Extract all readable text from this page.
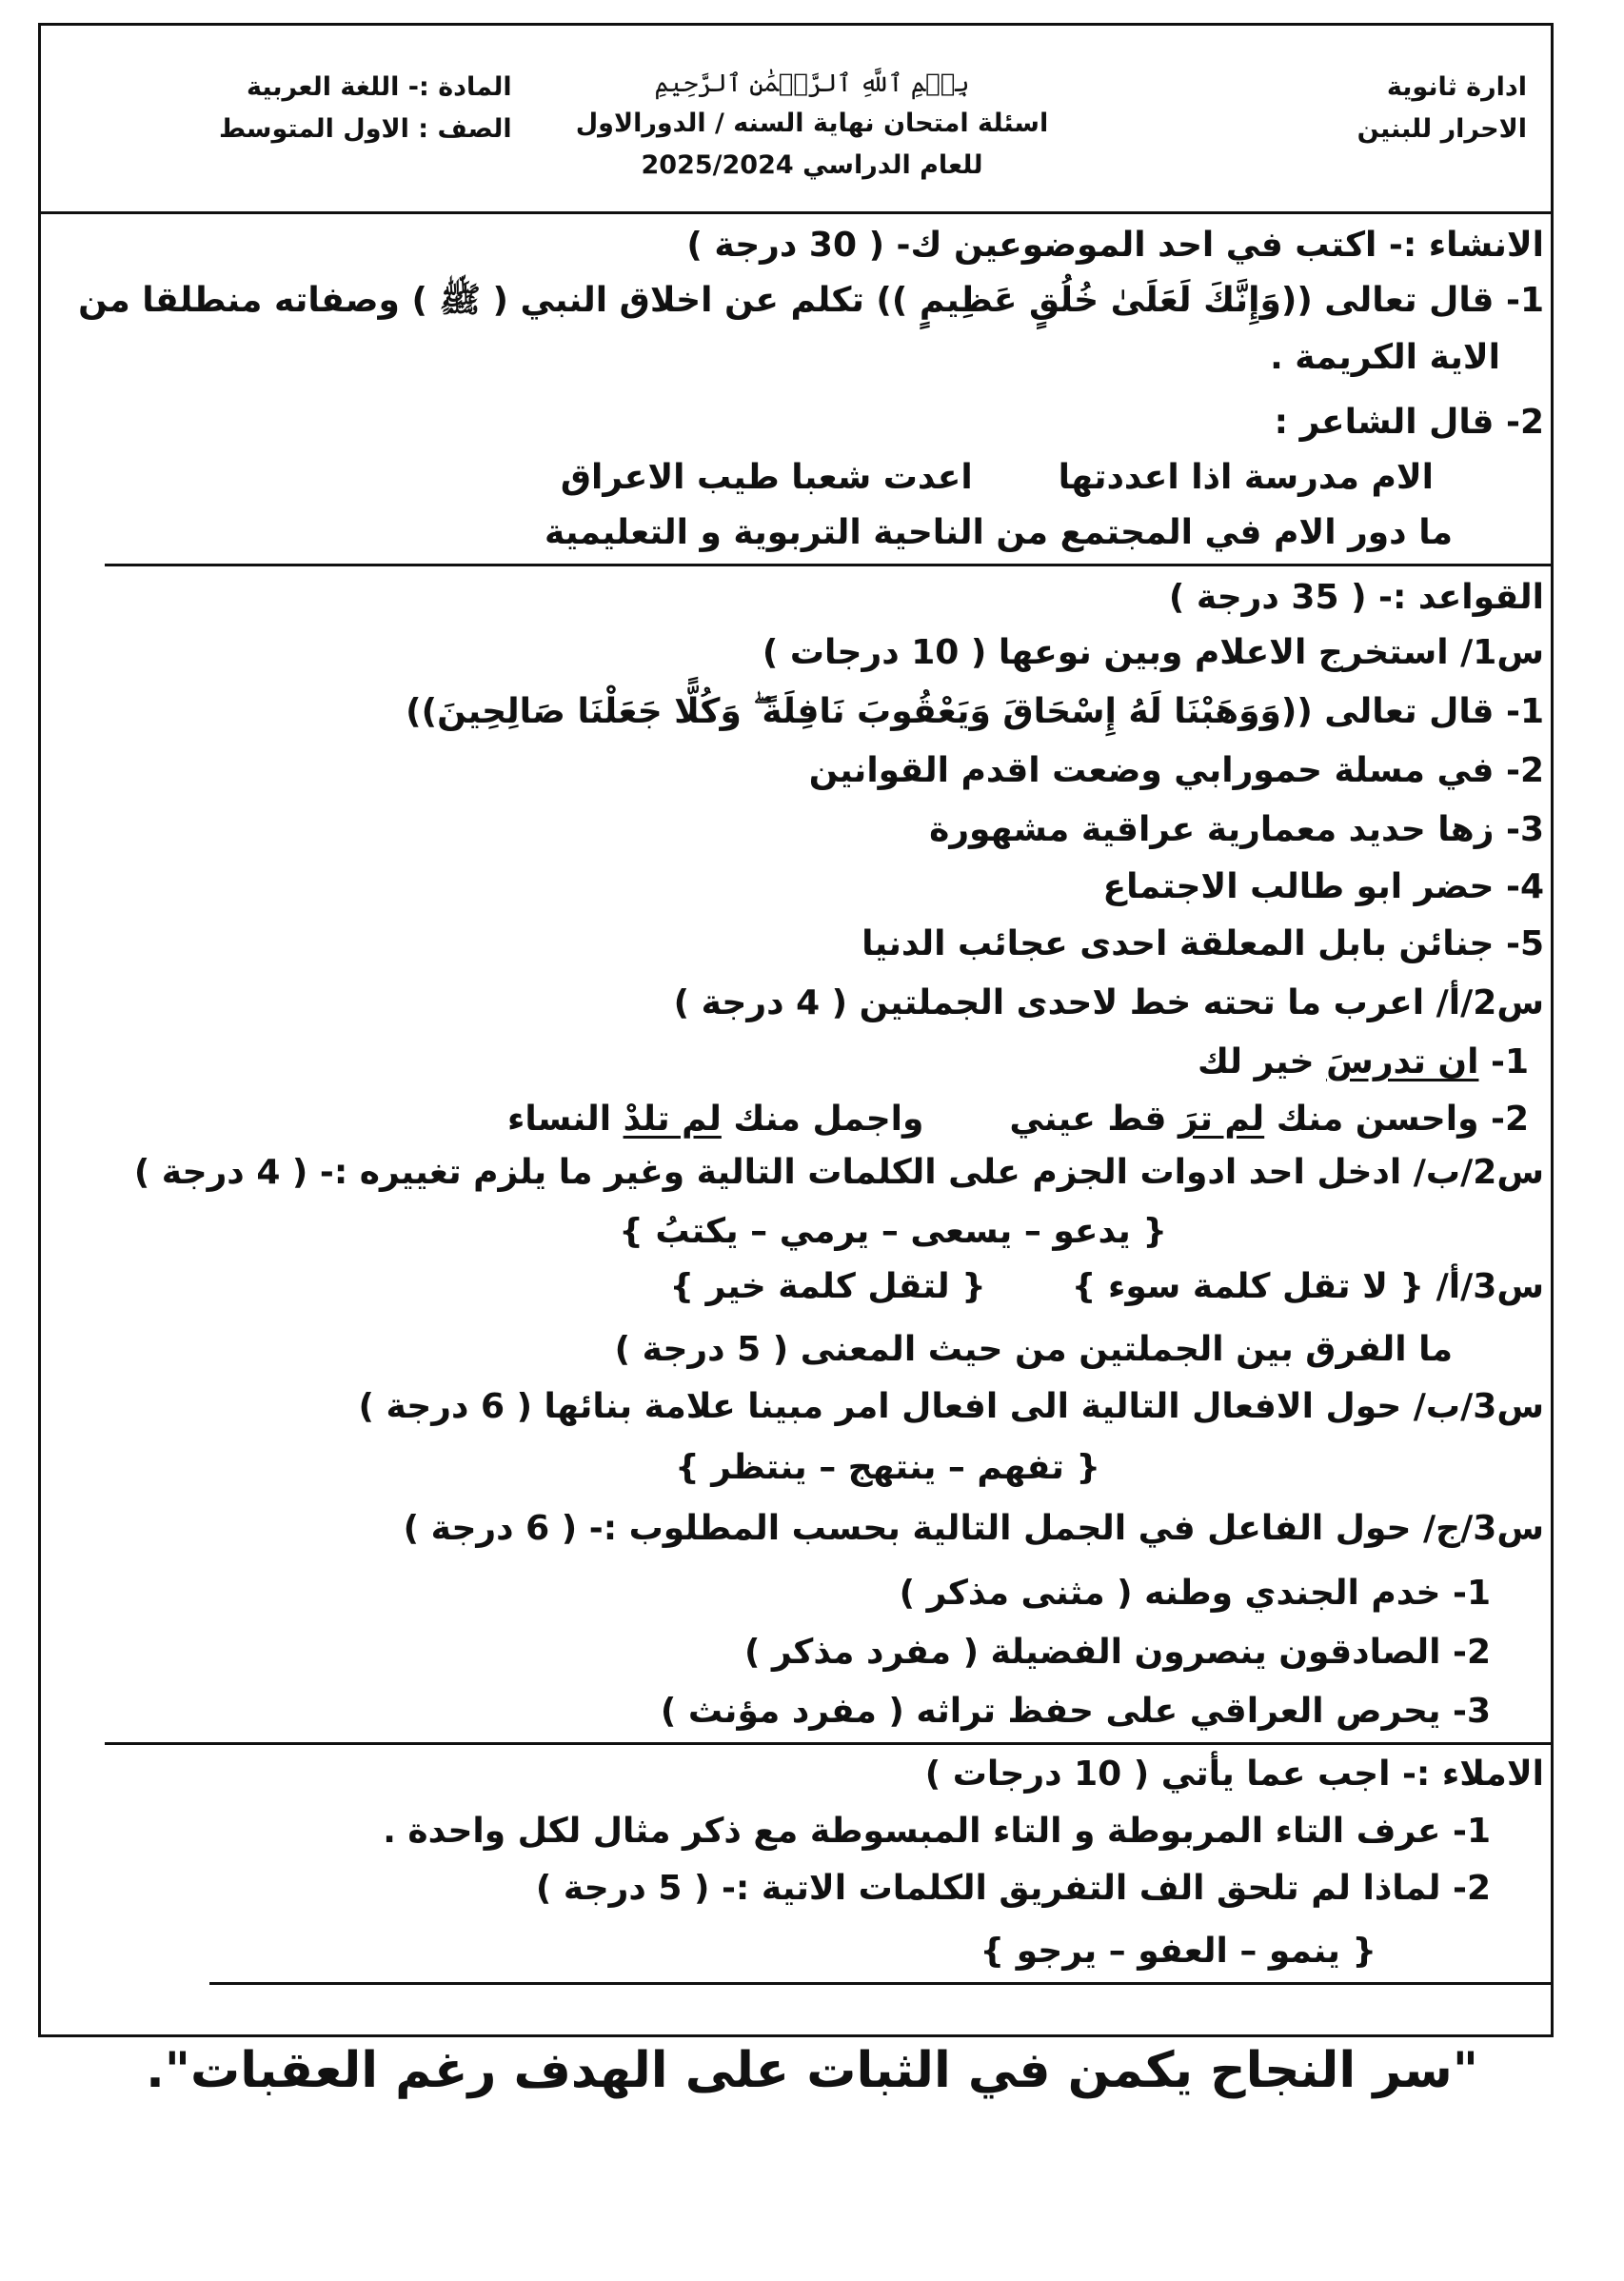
ادارة ثانوية
الاحرار للبنين
بِسۡمِ ٱللَّهِ ٱلرَّحۡمَٰنِ ٱلرَّحِيمِ
اسئلة امتحان نهاية السنه / الدورالاول
للعام الدراسي 2025/2024
المادة :- اللغة العربية
الصف : الاول المتوسط
الانشاء :- اكتب في احد الموضوعين ك- ( 30 درجة )
1- قال تعالى ((وَإِنَّكَ لَعَلَىٰ خُلُقٍ عَظِيمٍ )) تكلم عن اخلاق النبي ( ﷺ ) وصفاته منطلقا من
الاية الكريمة .
2- قال الشاعر :
الام مدرسة اذا اعددتهااعدت شعبا طيب الاعراق
ما دور الام في المجتمع من الناحية التربوية و التعليمية
القواعد :- ( 35 درجة )
س1/ استخرج الاعلام وبين نوعها ( 10 درجات )
1- قال تعالى ((وَوَهَبْنَا لَهُ إِسْحَاقَ وَيَعْقُوبَ نَافِلَةً ۖ وَكُلًّا جَعَلْنَا صَالِحِينَ))
2- في مسلة حمورابي وضعت اقدم القوانين
3- زها حديد معمارية عراقية مشهورة
4- حضر ابو طالب الاجتماع
5- جنائن بابل المعلقة احدى عجائب الدنيا
س2/أ/ اعرب ما تحته خط لاحدى الجملتين ( 4 درجة )
1- ان تدرسَ خير لك
2- واحسن منك لم ترَ قط عينيواجمل منك لم تلدْ النساء
س2/ب/ ادخل احد ادوات الجزم على الكلمات التالية وغير ما يلزم تغييره :- ( 4 درجة )
{ يدعو – يسعى – يرمي – يكتبُ }
س3/أ/ { لا تقل كلمة سوء }{ لتقل كلمة خير }
ما الفرق بين الجملتين من حيث المعنى ( 5 درجة )
س3/ب/ حول الافعال التالية الى افعال امر مبينا علامة بنائها ( 6 درجة )
{ تفهم – ينتهج – ينتظر }
س3/ج/ حول الفاعل في الجمل التالية بحسب المطلوب :- ( 6 درجة )
1- خدم الجندي وطنه ( مثنى مذكر )
2- الصادقون ينصرون الفضيلة ( مفرد مذكر )
3- يحرص العراقي على حفظ تراثه ( مفرد مؤنث )
الاملاء :- اجب عما يأتي ( 10 درجات )
1- عرف التاء المربوطة و التاء المبسوطة مع ذكر مثال لكل واحدة .
2- لماذا لم تلحق الف التفريق الكلمات الاتية :- ( 5 درجة )
{ ينمو – العفو – يرجو }
"سر النجاح يكمن في الثبات على الهدف رغم العقبات".
